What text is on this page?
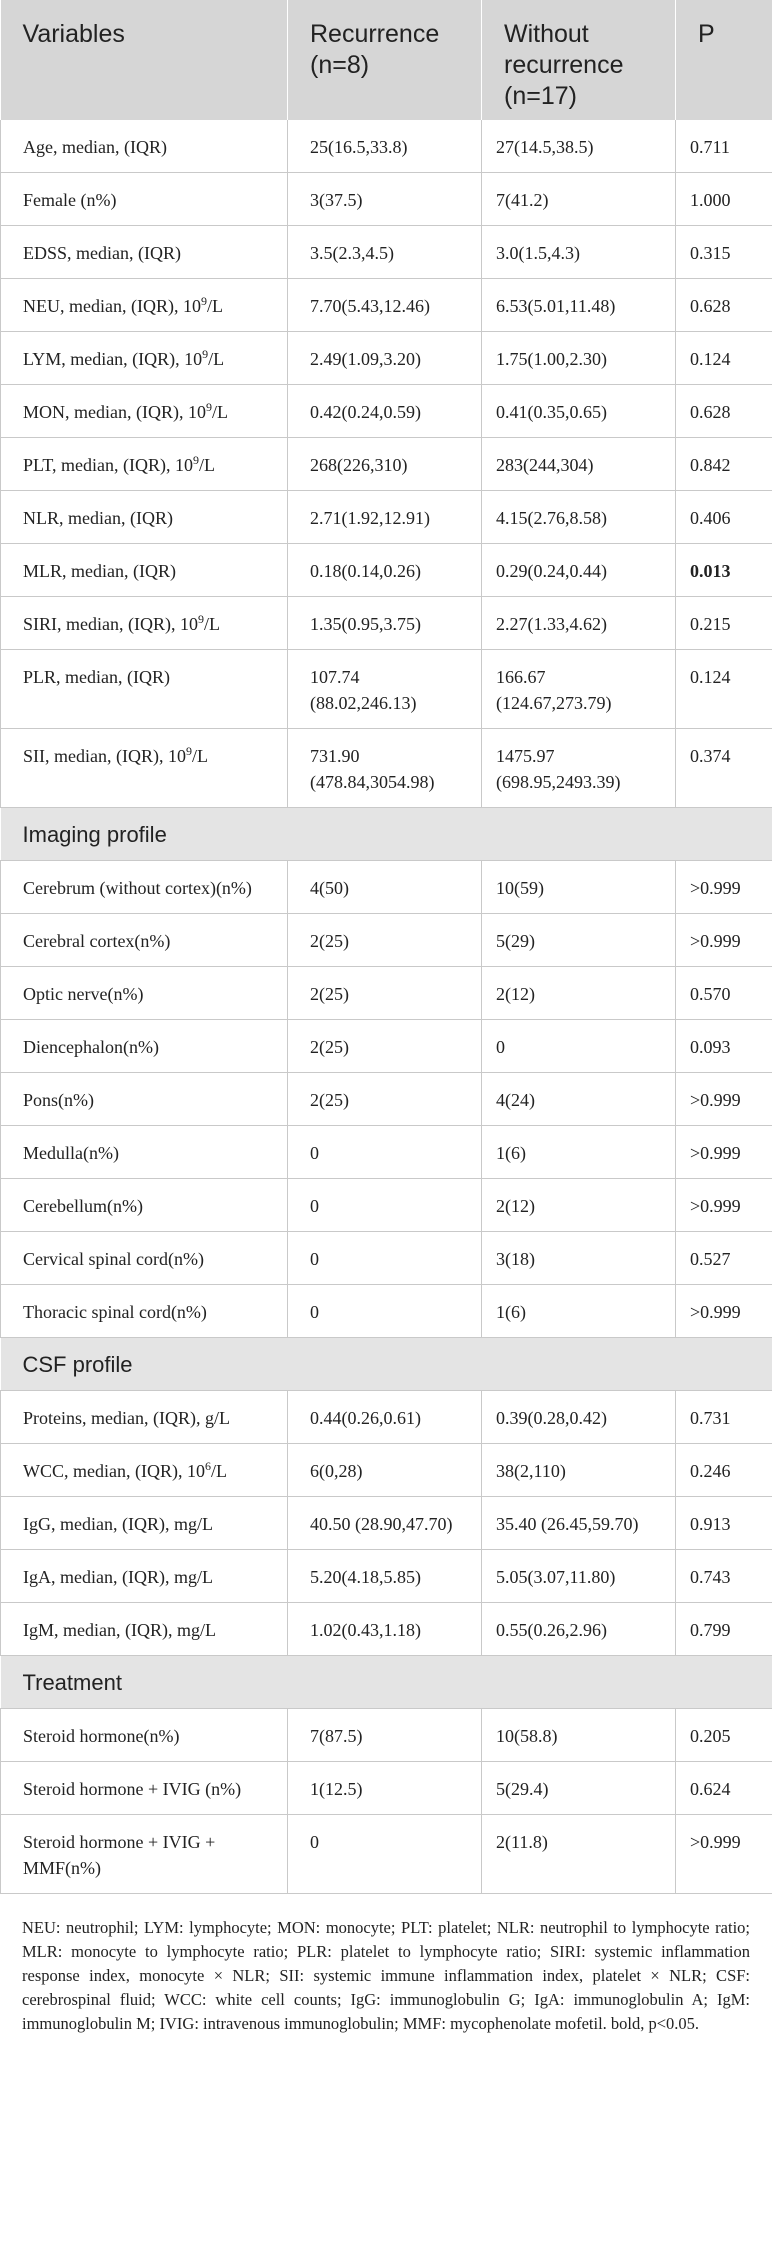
Variables	Recurrence (n=8)	Without recurrence (n=17)	P
Age, median, (IQR)	25(16.5,33.8)	27(14.5,38.5)	0.711
Female (n%)	3(37.5)	7(41.2)	1.000
EDSS, median, (IQR)	3.5(2.3,4.5)	3.0(1.5,4.3)	0.315
NEU, median, (IQR), $10^9/L$	7.70(5.43,12.46)	6.53(5.01,11.48)	0.628
LYM, median, (IQR), $10^9/L$	2.49(1.09,3.20)	1.75(1.00,2.30)	0.124
MON, median, (IQR), $10^9/L$	0.42(0.24,0.59)	0.41(0.35,0.65)	0.628
PLT, median, (IQR), $10^9/L$	268(226,310)	283(244,304)	0.842
NLR, median, (IQR)	2.71(1.92,12.91)	4.15(2.76,8.58)	0.406
MLR, median, (IQR)	0.18(0.14,0.26)	0.29(0.24,0.44)	0.013
SIRI, median, (IQR), $10^9/L$	1.35(0.95,3.75)	2.27(1.33,4.62)	0.215
PLR, median, (IQR)	107.74 (88.02,246.13)	166.67 (124.67,273.79)	0.124
SII, median, (IQR), $10^9/L$	731.90 (478.84,3054.98)	1475.97 (698.95,2493.39)	0.374
Imaging profile			
Cerebrum (without cortex)(n%)	4(50)	10(59)	>0.999
Cerebral cortex(n%)	2(25)	5(29)	>0.999
Optic nerve(n%)	2(25)	2(12)	0.570
Diencephalon(n%)	2(25)	0	0.093
Pons(n%)	2(25)	4(24)	>0.999
Medulla(n%)	0	1(6)	>0.999
Cerebellum(n%)	0	2(12)	>0.999
Cervical spinal cord(n%)	0	3(18)	0.527
Thoracic spinal cord(n%)	0	1(6)	>0.999
CSF profile			
Proteins, median, (IQR), g/L	0.44(0.26,0.61)	0.39(0.28,0.42)	0.731
WCC, median, (IQR), $10^6/L$	6(0,28)	38(2,110)	0.246
IgG, median, (IQR), mg/L	40.50 (28.90,47.70)	35.40 (26.45,59.70)	0.913
IgA, median, (IQR), mg/L	5.20(4.18,5.85)	5.05(3.07,11.80)	0.743
IgM, median, (IQR), mg/L	1.02(0.43,1.18)	0.55(0.26,2.96)	0.799
Treatment			
Steroid hormone(n%)	7(87.5)	10(58.8)	0.205
Steroid hormone + IVIG (n%)	1(12.5)	5(29.4)	0.624
Steroid hormone + IVIG + MMF(n%)	0	2(11.8)	>0.999
NEU: neutrophil; LYM: lymphocyte; MON: monocyte; PLT: platelet; NLR: neutrophil to lymphocyte ratio; MLR: monocyte to lymphocyte ratio; PLR: platelet to lymphocyte ratio; SIRI: systemic inflammation response index, monocyte × NLR; SII: systemic immune inflammation index, platelet × NLR; CSF: cerebrospinal fluid; WCC: white cell counts; IgG: immunoglobulin G; IgA: immunoglobulin A; IgM: immunoglobulin M; IVIG: intravenous immunoglobulin; MMF: mycophenolate mofetil. bold, p<0.05.
